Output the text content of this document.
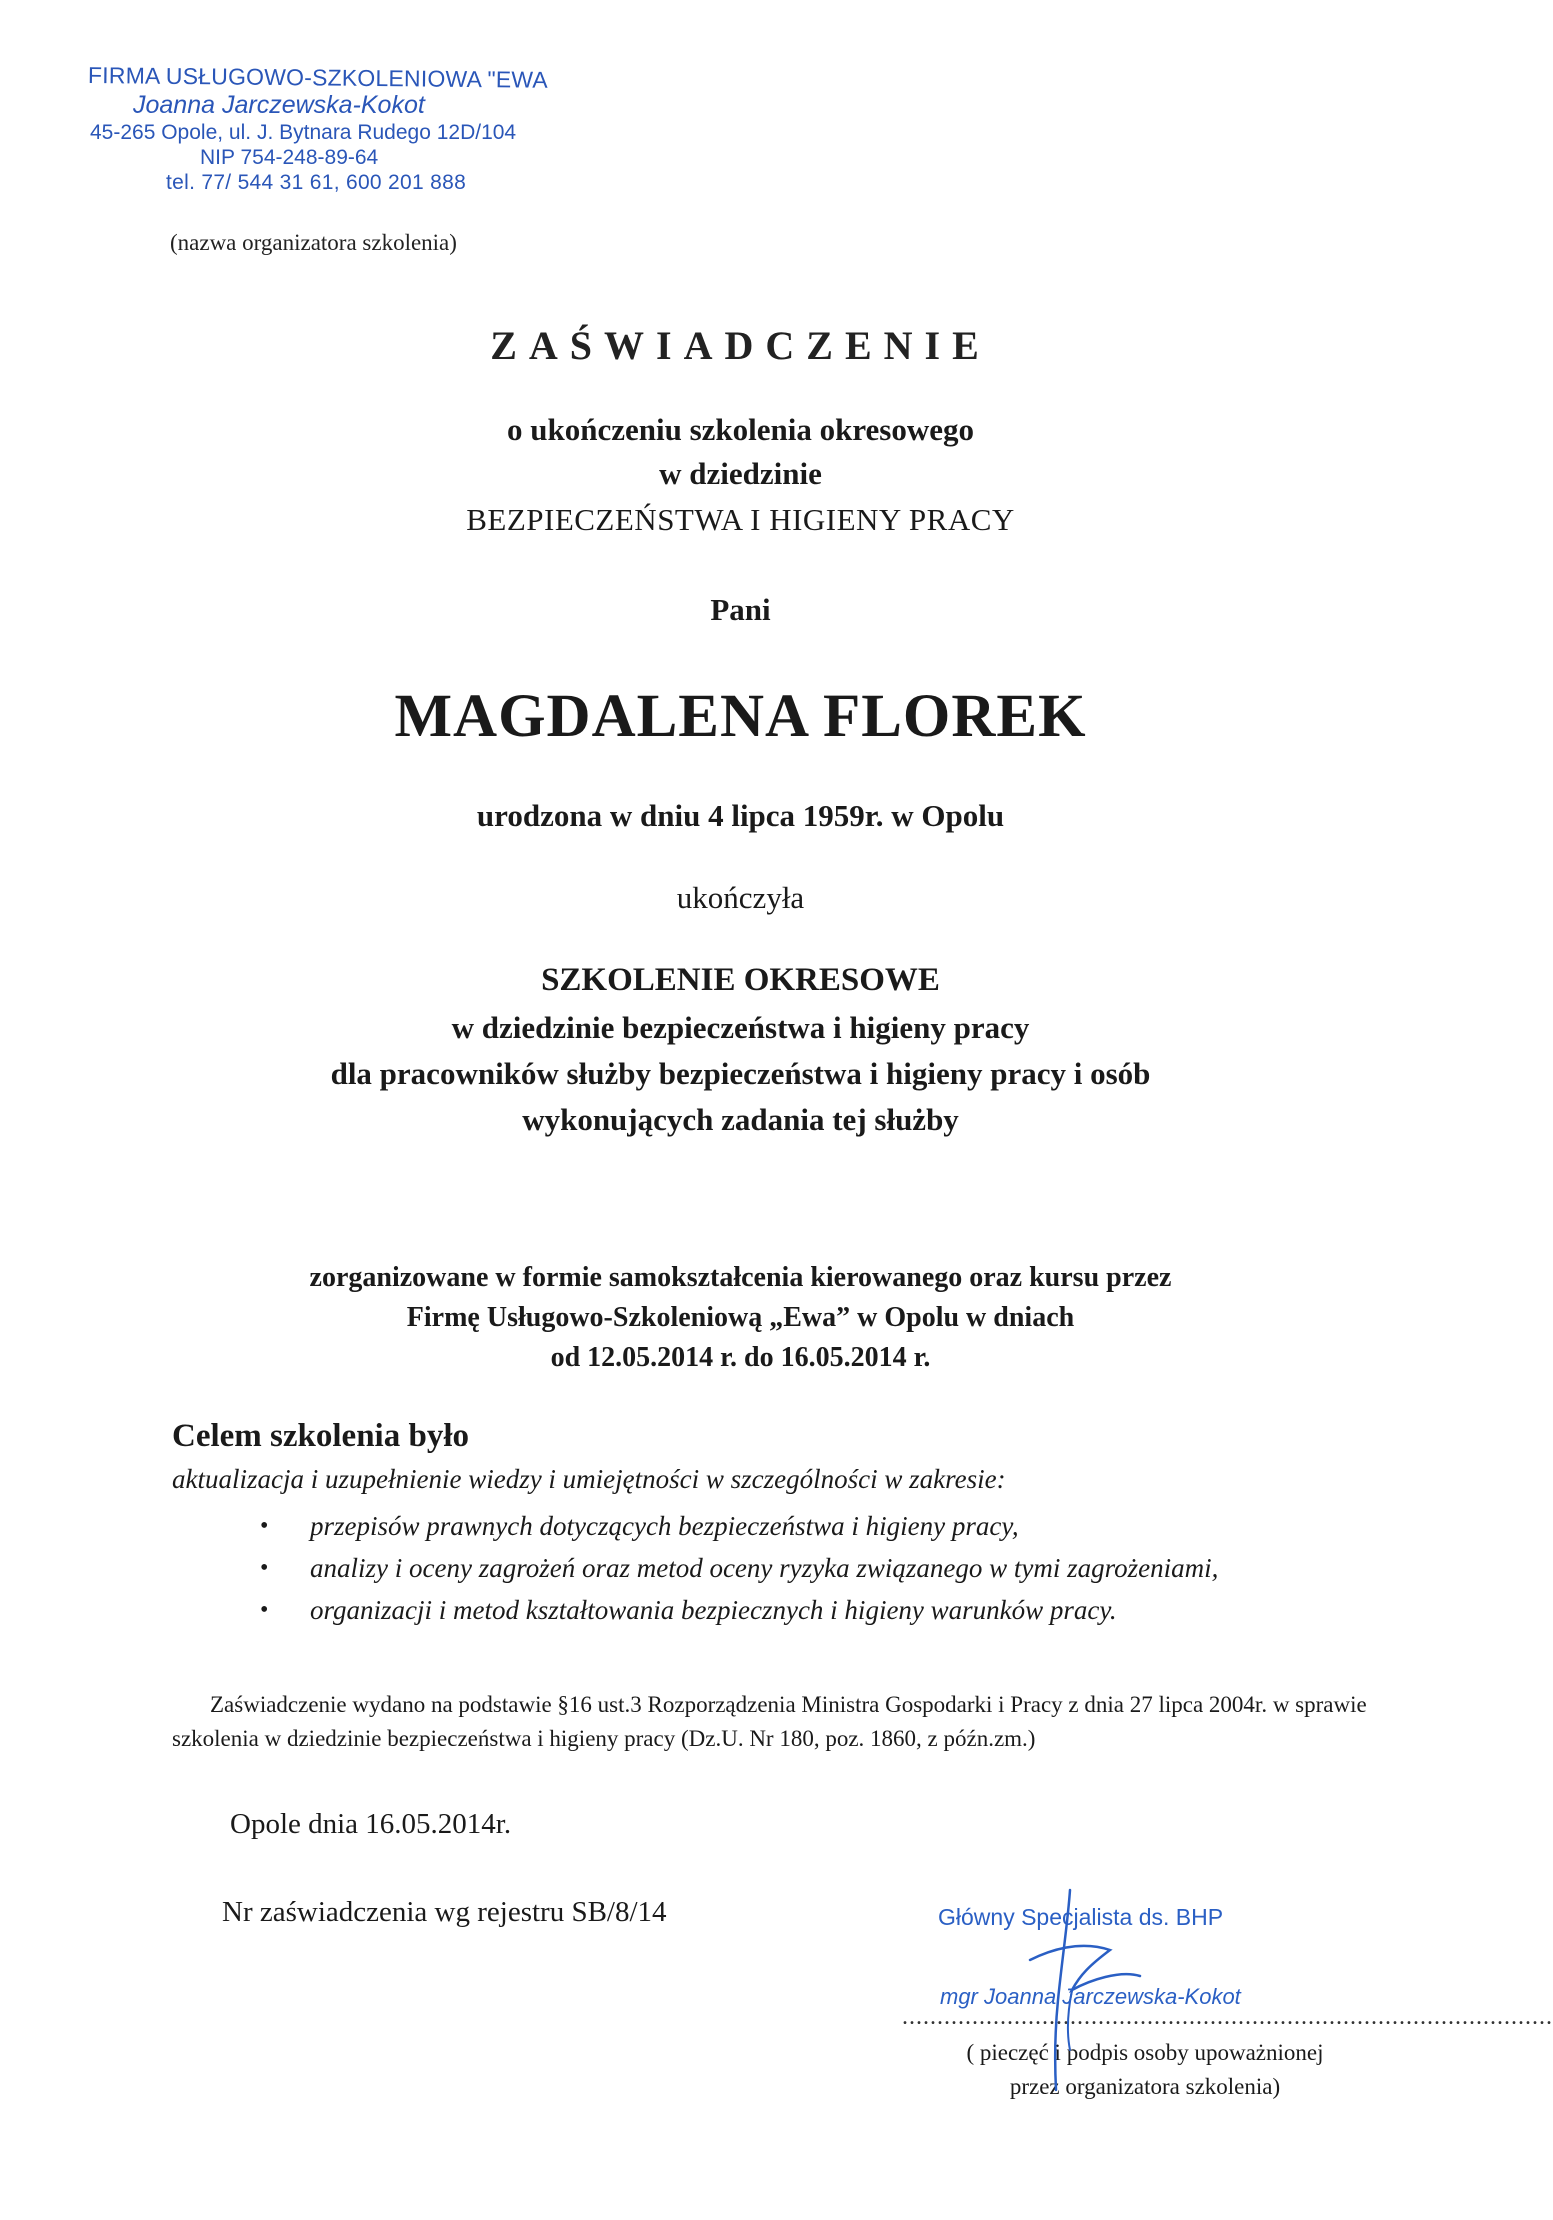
FIRMA USŁUGOWO-SZKOLENIOWA "EWA
Joanna Jarczewska-Kokot
45-265 Opole, ul. J. Bytnara Rudego 12D/104
NIP 754-248-89-64
tel. 77/ 544 31 61, 600 201 888
(nazwa organizatora szkolenia)
ZAŚWIADCZENIE
o ukończeniu szkolenia okresowego
w dziedzinie
BEZPIECZEŃSTWA I HIGIENY PRACY
Pani
MAGDALENA FLOREK
urodzona w dniu 4 lipca 1959r. w Opolu
ukończyła
SZKOLENIE OKRESOWE
w dziedzinie bezpieczeństwa i higieny pracy
dla pracowników służby bezpieczeństwa i higieny pracy i osób
wykonujących zadania tej służby
zorganizowane w formie samokształcenia kierowanego oraz kursu przez
Firmę Usługowo-Szkoleniową „Ewa” w Opolu w dniach
od 12.05.2014 r. do 16.05.2014 r.
Celem szkolenia było
aktualizacja i uzupełnienie wiedzy i umiejętności w szczególności w zakresie:
• przepisów prawnych dotyczących bezpieczeństwa i higieny pracy,
• analizy i oceny zagrożeń oraz metod oceny ryzyka związanego w tymi zagrożeniami,
• organizacji i metod kształtowania bezpiecznych i higieny warunków pracy.
Zaświadczenie wydano na podstawie §16 ust.3 Rozporządzenia Ministra Gospodarki i Pracy z dnia 27 lipca 2004r. w sprawie szkolenia w dziedzinie bezpieczeństwa i higieny pracy (Dz.U. Nr 180, poz. 1860, z późn.zm.)
Opole dnia 16.05.2014r.
Nr zaświadczenia wg rejestru SB/8/14	Główny Specjalista ds. BHP
mgr Joanna Jarczewska-Kokot
.............................................................................................
( pieczęć i podpis osoby upoważnionej
przez organizatora szkolenia)
